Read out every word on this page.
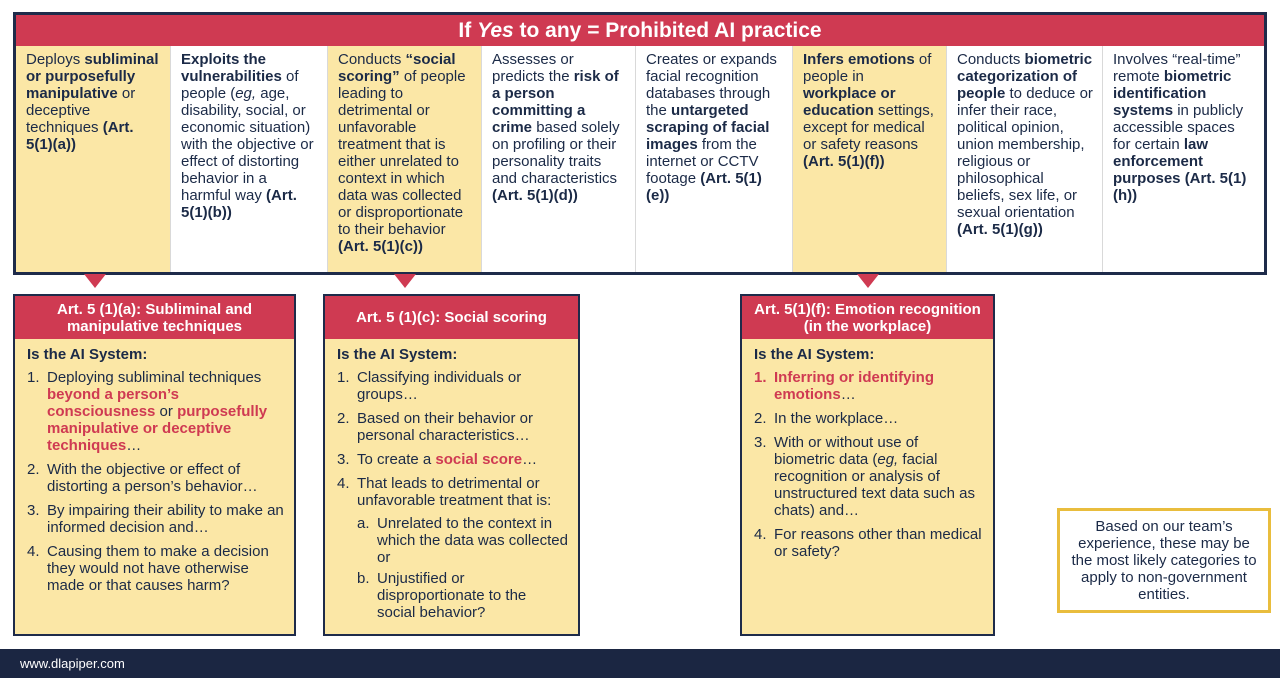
If Yes to any = Prohibited AI practice
Deploys subliminal or purposefully manipulative or deceptive techniques (Art. 5(1)(a))
Exploits the vulnerabilities of people (eg, age, disability, social, or economic situation) with the objective or effect of distorting behavior in a harmful way (Art. 5(1)(b))
Conducts “social scoring” of people leading to detrimental or unfavorable treatment that is either unrelated to context in which data was collected or disproportionate to their behavior (Art. 5(1)(c))
Assesses or predicts the risk of a person committing a crime based solely on profiling or their personality traits and characteristics (Art. 5(1)(d))
Creates or expands facial recognition databases through the untargeted scraping of facial images from the internet or CCTV footage (Art. 5(1)(e))
Infers emotions of people in workplace or education settings, except for medical or safety reasons (Art. 5(1)(f))
Conducts biometric categorization of people to deduce or infer their race, political opinion, union membership, religious or philosophical beliefs, sex life, or sexual orientation (Art. 5(1)(g))
Involves “real-time” remote biometric identification systems in publicly accessible spaces for certain law enforcement purposes (Art. 5(1)(h))
Art. 5 (1)(a): Subliminal and manipulative techniques
Is the AI System:
1. Deploying subliminal techniques beyond a person’s consciousness or purposefully manipulative or deceptive techniques…
2. With the objective or effect of distorting a person’s behavior…
3. By impairing their ability to make an informed decision and…
4. Causing them to make a decision they would not have otherwise made or that causes harm?
Art. 5 (1)(c): Social scoring
Is the AI System:
1. Classifying individuals or groups…
2. Based on their behavior or personal characteristics…
3. To create a social score…
4. That leads to detrimental or unfavorable treatment that is:
a. Unrelated to the context in which the data was collected or
b. Unjustified or disproportionate to the social behavior?
Art. 5(1)(f): Emotion recognition (in the workplace)
Is the AI System:
1. Inferring or identifying emotions…
2. In the workplace…
3. With or without use of biometric data (eg, facial recognition or analysis of unstructured text data such as chats) and…
4. For reasons other than medical or safety?
Based on our team’s experience, these may be the most likely categories to apply to non-government entities.
www.dlapiper.com
